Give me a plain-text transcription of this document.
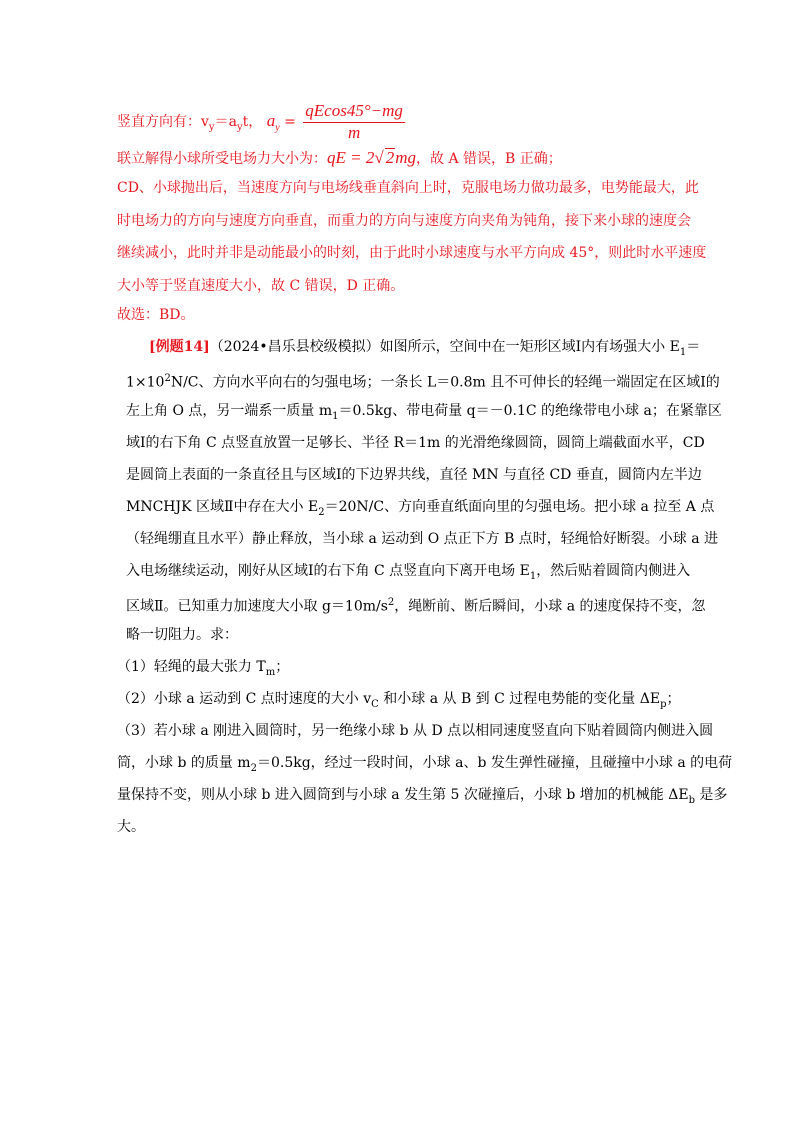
竖直方向有：$v_y=a_yt$， $a_y = \frac{qEcos45^\circ-mg}{m}$
联立解得小球所受电场力大小为：qE = 2√ 2mg，故 A 错误，B 正确；
CD、小球抛出后，当速度方向与电场线垂直斜向上时，克服电场力做功最多，电势能最大，此
时电场力的方向与速度方向垂直，而重力的方向与速度方向夹角为钝角，接下来小球的速度会
继续减小，此时并非是动能最小的时刻，由于此时小球速度与水平方向成 45°，则此时水平速度
大小等于竖直速度大小，故 C 错误，D 正确。
故选：BD。
[例题14]（2024•昌乐县校级模拟）如图所示，空间中在一矩形区域Ⅰ内有场强大小 $E_1=$
$1\times 10^2N/C$、方向水平向右的匀强电场；一条长 L＝0.8m 且不可伸长的轻绳一端固定在区域Ⅰ的
左上角 O 点，另一端系一质量 $m_1=0.5kg$、带电荷量 q＝－0.1C 的绝缘带电小球 a；在紧靠区
域Ⅰ的右下角 C 点竖直放置一足够长、半径 R＝1m 的光滑绝缘圆筒，圆筒上端截面水平，CD
是圆筒上表面的一条直径且与区域Ⅰ的下边界共线，直径 MN 与直径 CD 垂直，圆筒内左半边
MNCHJK 区域Ⅱ中存在大小 $E_2=20N/C$、方向垂直纸面向里的匀强电场。把小球 a 拉至 A 点
（轻绳绷直且水平）静止释放，当小球 a 运动到 O 点正下方 B 点时，轻绳恰好断裂。小球 a 进
入电场继续运动，刚好从区域Ⅰ的右下角 C 点竖直向下离开电场 $E_1$，然后贴着圆筒内侧进入
区域Ⅱ。已知重力加速度大小取 $g=10m/s^2$，绳断前、断后瞬间，小球 a 的速度保持不变，忽
略一切阻力。求：
（1）轻绳的最大张力 $T_m$；
（2）小球 a 运动到 C 点时速度的大小 $v_C$ 和小球 a 从 B 到 C 过程电势能的变化量 $\Delta E_p$；
（3）若小球 a 刚进入圆筒时，另一绝缘小球 b 从 D 点以相同速度竖直向下贴着圆筒内侧进入圆
筒，小球 b 的质量 $m_2=0.5kg$，经过一段时间，小球 a、b 发生弹性碰撞，且碰撞中小球 a 的电荷
量保持不变，则从小球 b 进入圆筒到与小球 a 发生第 5 次碰撞后，小球 b 增加的机械能 $\Delta E_b$ 是多
大。
